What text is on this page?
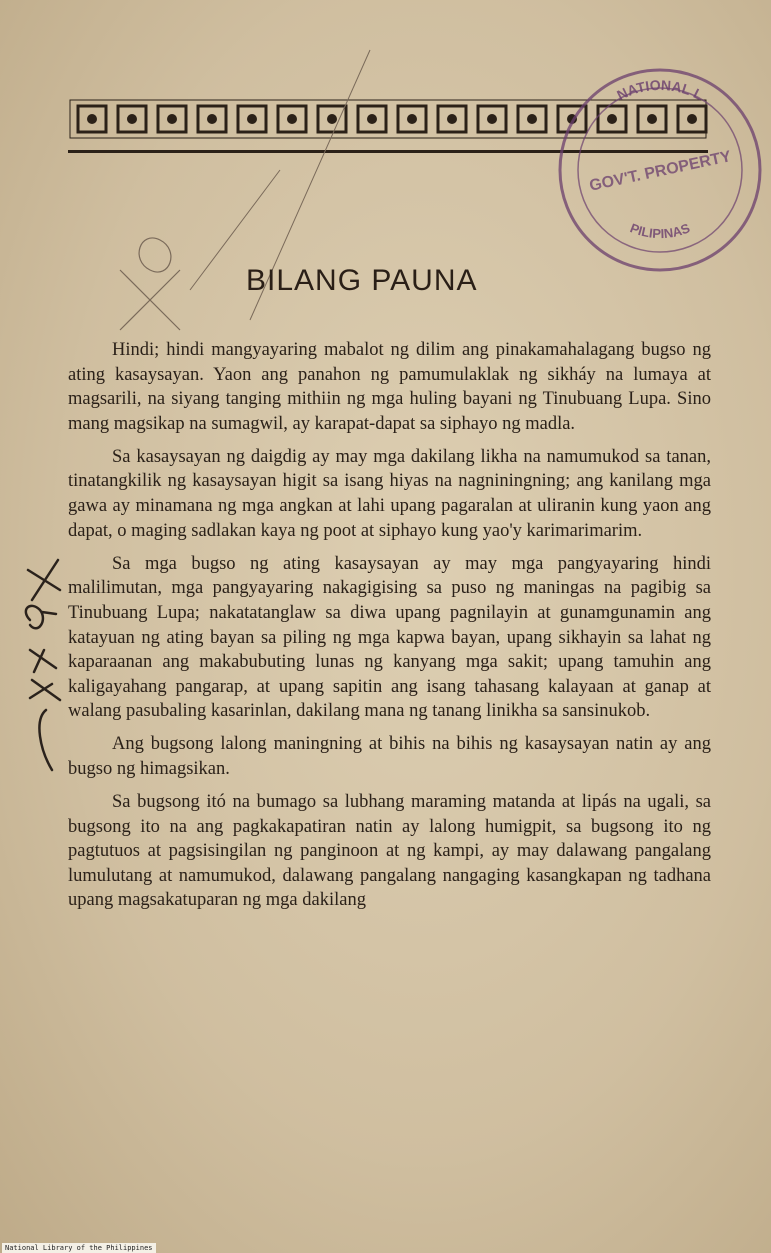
BILANG PAUNA

Hindi; hindi mangyayaring mabalot ng dilim ang pinakamahalagang bugso ng ating kasaysayan. Yaon ang panahon ng pamumulaklak ng sikháy na lumaya at magsarili, na siyang tanging mithiin ng mga huling bayani ng Tinubuang Lupa. Sino mang magsikap na sumagwil, ay karapat-dapat sa siphayo ng madla.

Sa kasaysayan ng daigdig ay may mga dakilang likha na namumukod sa tanan, tinatangkilik ng kasaysayan higit sa isang hiyas na nagniningning; ang kanilang mga gawa ay minamana ng mga angkan at lahi upang pagaralan at uliranin kung yaon ang dapat, o maging sadlakan kaya ng poot at siphayo kung yao'y karimarimarim.

Sa mga bugso ng ating kasaysayan ay may mga pangyayaring hindi malilimutan, mga pangyayaring nakagigising sa puso ng maningas na pagibig sa Tinubuang Lupa; nakatatanglaw sa diwa upang pagnilayin at gunamgunamin ang katayuan ng ating bayan sa piling ng mga kapwa bayan, upang sikhayin sa lahat ng kaparaanan ang makabubuting lunas ng kanyang mga sakit; upang tamuhin ang kaligayahang pangarap, at upang sapitin ang isang tahasang kalayaan at ganap at walang pasubaling kasarinlan, dakilang mana ng tanang linikha sa sansinukob.

Ang bugsong lalong maningning at bihis na bihis ng kasaysayan natin ay ang bugso ng himagsikan.

Sa bugsong itó na bumago sa lubhang maraming matanda at lipás na ugali, sa bugsong ito na ang pagkakapatiran natin ay lalong humigpit, sa bugsong ito ng pagtutuos at pagsisingilan ng panginoon at ng kampi, ay may dalawang pangalang lumulutang at namumukod, dalawang pangalang nangaging kasangkapan ng tadhana upang magsakatuparan ng mga dakilang

NATIONAL L
GOV'T. PROPERTY
PILIPINAS
National Library of the Philippines
